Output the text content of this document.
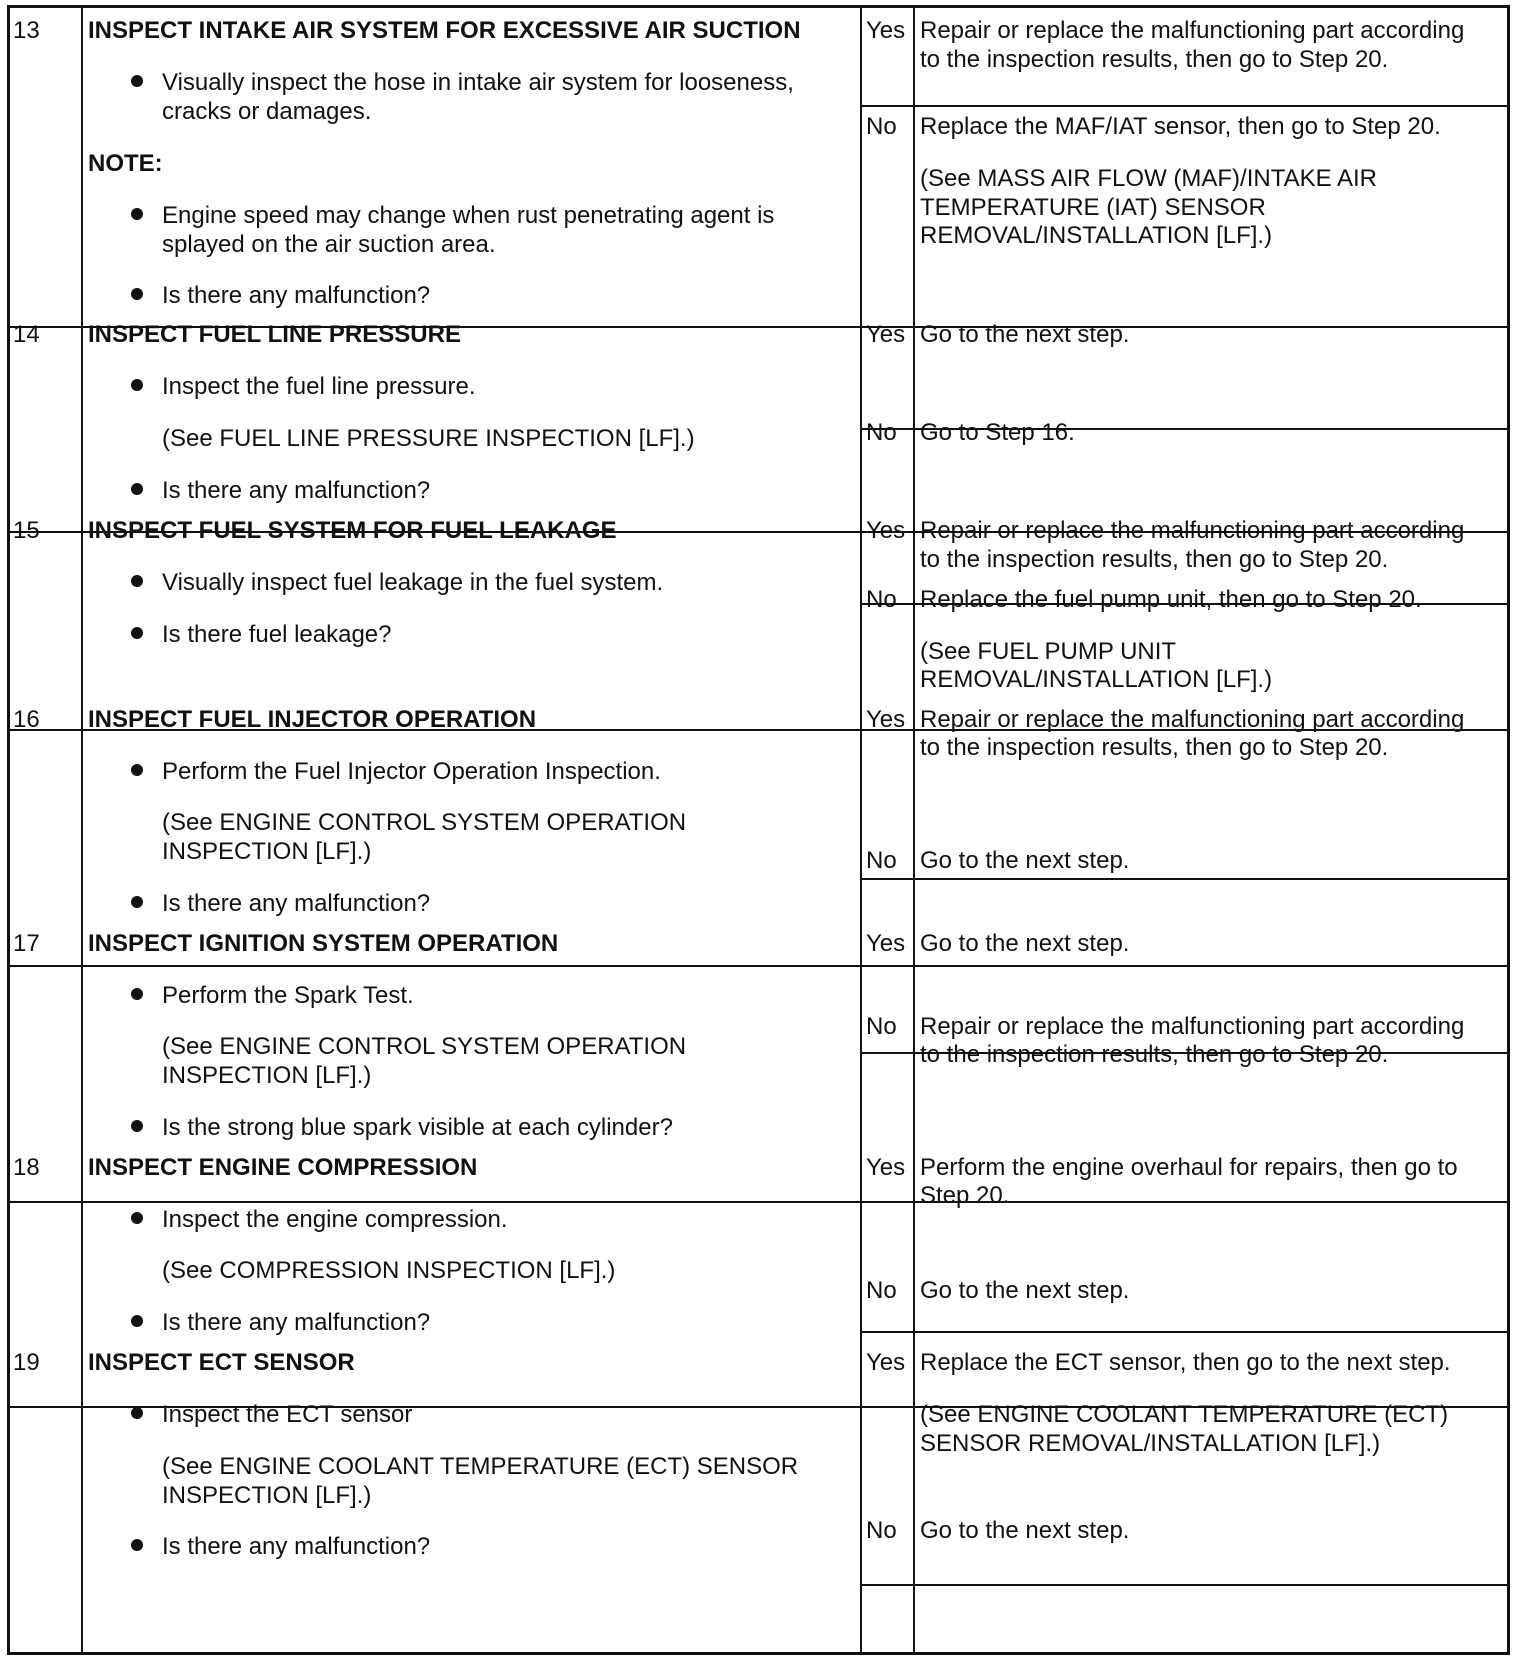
13 INSPECT INTAKE AIR SYSTEM FOR EXCESSIVE AIR SUCTION
Visually inspect the hose in intake air system for looseness,
cracks or damages.
NOTE:
Engine speed may change when rust penetrating agent is
splayed on the air suction area.
Is there any malfunction?
Yes Repair or replace the malfunctioning part according
to the inspection results, then go to Step 20.
No Replace the MAF/IAT sensor, then go to Step 20.
(See MASS AIR FLOW (MAF)/INTAKE AIR
TEMPERATURE (IAT) SENSOR
REMOVAL/INSTALLATION [LF].)
14 INSPECT FUEL LINE PRESSURE
Inspect the fuel line pressure.
(See FUEL LINE PRESSURE INSPECTION [LF].)
Is there any malfunction?
Yes Go to the next step.
No Go to Step 16.
15 INSPECT FUEL SYSTEM FOR FUEL LEAKAGE
Visually inspect fuel leakage in the fuel system.
Is there fuel leakage?
Yes Repair or replace the malfunctioning part according
to the inspection results, then go to Step 20.
No Replace the fuel pump unit, then go to Step 20.
(See FUEL PUMP UNIT
REMOVAL/INSTALLATION [LF].)
16 INSPECT FUEL INJECTOR OPERATION
Perform the Fuel Injector Operation Inspection.
(See ENGINE CONTROL SYSTEM OPERATION
INSPECTION [LF].)
Is there any malfunction?
Yes Repair or replace the malfunctioning part according
to the inspection results, then go to Step 20.
No Go to the next step.
17 INSPECT IGNITION SYSTEM OPERATION
Perform the Spark Test.
(See ENGINE CONTROL SYSTEM OPERATION
INSPECTION [LF].)
Is the strong blue spark visible at each cylinder?
Yes Go to the next step.
No Repair or replace the malfunctioning part according
to the inspection results, then go to Step 20.
18 INSPECT ENGINE COMPRESSION
Inspect the engine compression.
(See COMPRESSION INSPECTION [LF].)
Is there any malfunction?
Yes Perform the engine overhaul for repairs, then go to
Step 20.
No Go to the next step.
19 INSPECT ECT SENSOR
Inspect the ECT sensor
(See ENGINE COOLANT TEMPERATURE (ECT) SENSOR
INSPECTION [LF].)
Is there any malfunction?
Yes Replace the ECT sensor, then go to the next step.
(See ENGINE COOLANT TEMPERATURE (ECT)
SENSOR REMOVAL/INSTALLATION [LF].)
No Go to the next step.
